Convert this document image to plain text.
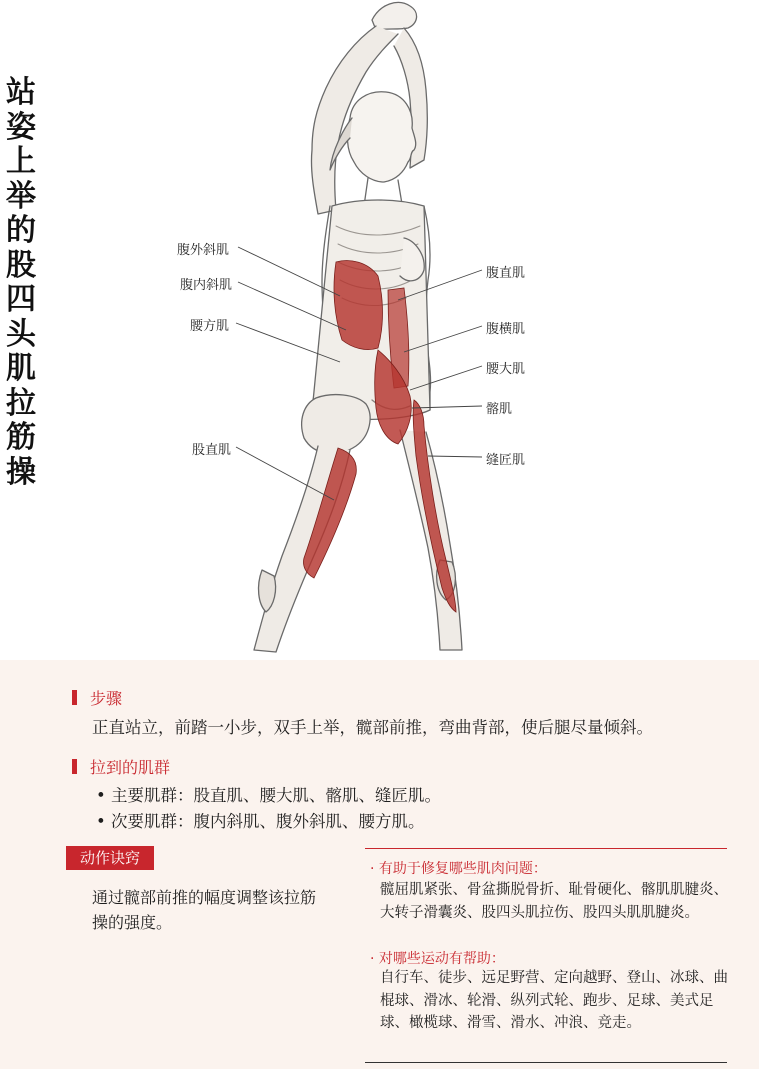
站姿上举的股四头肌拉筋操
腹外斜肌
腹内斜肌
腰方肌
股直肌
腹直肌
腹横肌
腰大肌
髂肌
缝匠肌
步骤
正直站立，前踏一小步，双手上举，髋部前推，弯曲背部，使后腿尽量倾斜。
拉到的肌群
• 主要肌群：股直肌、腰大肌、髂肌、缝匠肌。
• 次要肌群：腹内斜肌、腹外斜肌、腰方肌。
动作诀窍
通过髋部前推的幅度调整该拉筋操的强度。
· 有助于修复哪些肌肉问题：
髋屈肌紧张、骨盆撕脱骨折、耻骨硬化、髂肌肌腱炎、大转子滑囊炎、股四头肌拉伤、股四头肌肌腱炎。
· 对哪些运动有帮助：
自行车、徒步、远足野营、定向越野、登山、冰球、曲棍球、滑冰、轮滑、纵列式轮、跑步、足球、美式足球、橄榄球、滑雪、滑水、冲浪、竞走。
